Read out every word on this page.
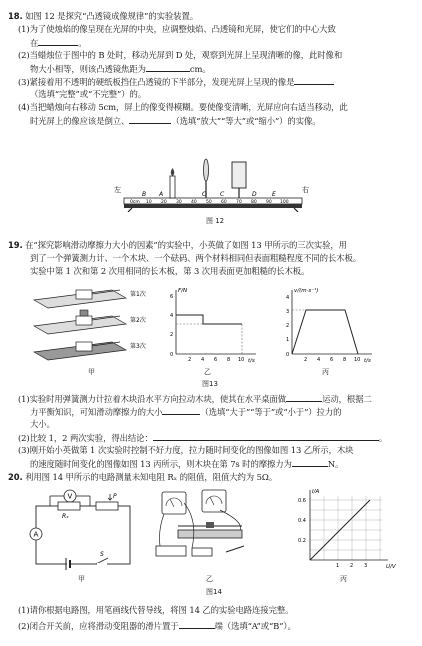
18. 如图 12 是探究“凸透镜成像规律”的实验装置。
(1)为了使烛焰的像呈现在光屏的中央，应调整烛焰、凸透镜和光屏，使它们的中心大致
在	。
(2)当蜡烛位于图中的 B 处时，移动光屏到 D 处，观察到光屏上呈现清晰的像，此时像和
物大小相等，则该凸透镜焦距为	cm。
(3)紧接着用不透明的硬纸板挡住凸透镜的下半部分，发现光屏上呈现的像是
（选填“完整”或“不完整”）的。
(4)当把蜡烛向右移动 5cm，屏上的像变得模糊。要使像变清晰，光屏应向右适当移动，此
时光屏上的像应该是倒立、	（选填“放大”“等大”或“缩小”）的实像。
左	右
0cm 10 20 30 40 50 60 70 80 90 100
B A	O C	D	E
图 12
19. 在“探究影响滑动摩擦力大小的因素”的实验中，小英做了如图 13 甲所示的三次实验，用
到了一个弹簧测力计、一个木块、一个砝码、两个材料相同但表面粗糙程度不同的长木板。
实验中第 1 次和第 2 次用相同的长木板，第 3 次用表面更加粗糙的长木板。
第1次
第2次
第3次
甲
F/N
t/s
0
2
4
6
2 4 6 8 10
乙
v/(m·s⁻¹)
t/s
0
1
2
3
4
2 4 6 8 10
丙
图13
(1)实验时用弹簧测力计拉着木块沿水平方向拉动木块，使其在水平桌面做	运动，根据二
力平衡知识，可知滑动摩擦力的大小	（选填“大于”“等于”或“小于”）拉力的
大小。
(2)比较 1，2 两次实验，得出结论：	。
(3)刚开始小英做第 1 次实验时控制不好力度，拉力随时间变化的图像如图 13 乙所示，木块
的速度随时间变化的图像如图 13 丙所示，则木块在第 7s 时的摩擦力为	N。
20. 利用图 14 甲所示的电路测量未知电阻 Rₓ 的阻值，阻值大约为 5Ω。
V
Rₓ
A
P
S
甲	乙
I/A
U/V
0.2
0.4
0.6
1 2 3
丙
图14
(1)请你根据电路图，用笔画线代替导线，将图 14 乙的实验电路连接完整。
(2)闭合开关前，应将滑动变阻器的滑片置于	端（选填“A”或“B”）。
